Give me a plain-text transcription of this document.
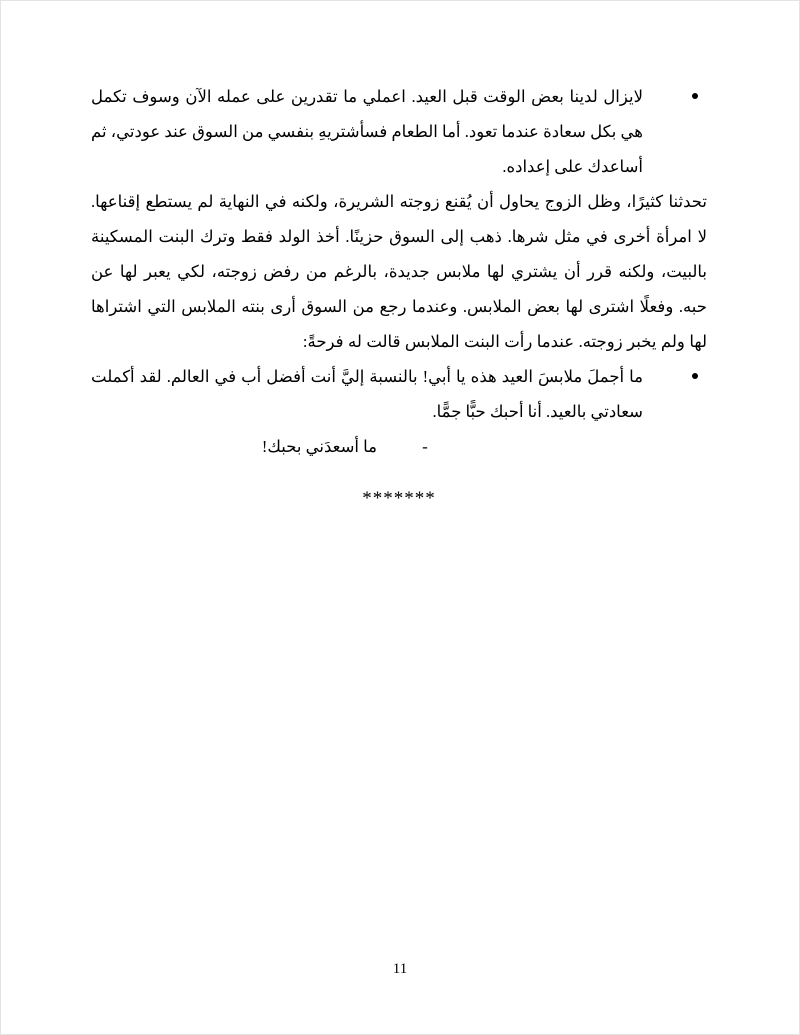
لايزال لدينا بعض الوقت قبل العيد. اعملي ما تقدرين على عمله الآن وسوف تكمل هي بكل سعادة عندما تعود. أما الطعام فسأشتريهِ بنفسي من السوق عند عودتي، ثم أساعدك على إعداده.

تحدثنا كثيرًا، وظل الزوج يحاول أن يُقنع زوجته الشريرة، ولكنه في النهاية لم يستطع إقناعها. لا امرأة أخرى في مثل شرها. ذهب إلى السوق حزينًا. أخذ الولد فقط وترك البنت المسكينة بالبيت، ولكنه قرر أن يشتري لها ملابس جديدة، بالرغم من رفض زوجته، لكي يعبر لها عن حبه. وفعلًا اشترى لها بعض الملابس. وعندما رجع من السوق أرى بنته الملابس التي اشتراها لها ولم يخبر زوجته. عندما رأت البنت الملابس قالت له فرحةً:

ما أجملَ ملابسَ العيد هذه يا أبي! بالنسبة إليَّ أنت أفضل أب في العالم. لقد أكملت سعادتي بالعيد. أنا أحبك حبًّا جمًّا.
-
ما أسعدَني بحبك!
*******
11
